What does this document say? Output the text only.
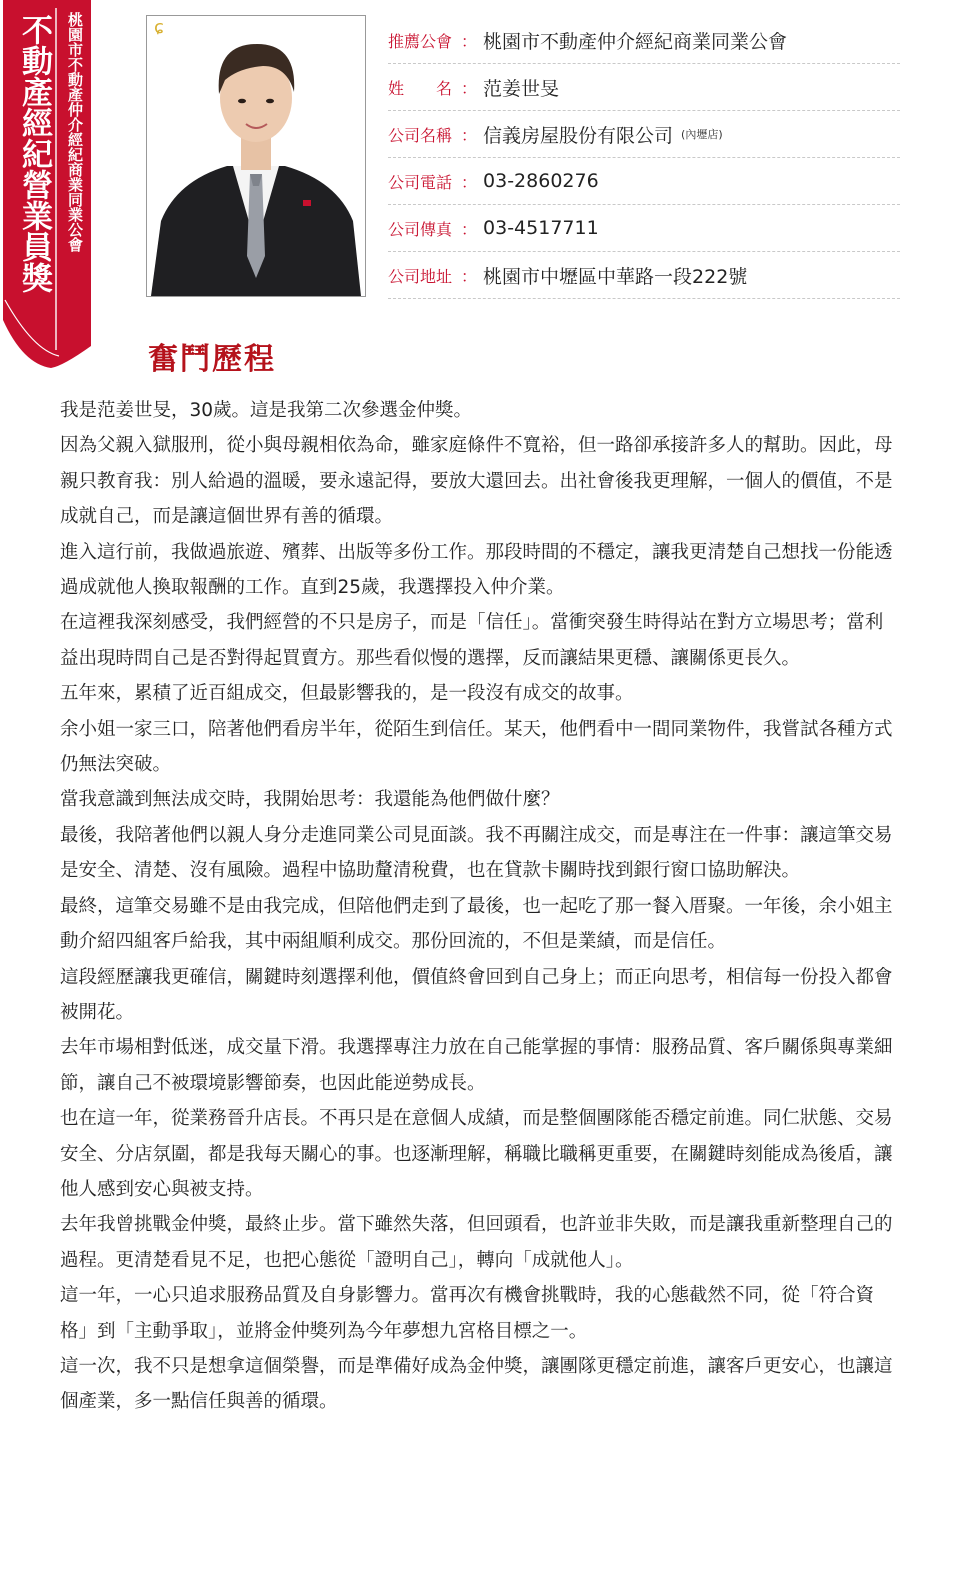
不動產經紀營業員獎 桃園市不動產仲介經紀商業同業公會	ɕ
推薦公會 ： 桃園市不動產仲介經紀商業同業公會
姓　　名 ： 范姜世旻
公司名稱 ： 信義房屋股份有限公司 (內壢店)
公司電話 ： 03-2860276
公司傳真 ： 03-4517711
公司地址 ： 桃園市中壢區中華路一段222號
奮鬥歷程

我是范姜世旻，30歲。這是我第二次參選金仲獎。

因為父親入獄服刑，從小與母親相依為命，雖家庭條件不寬裕，但一路卻承接許多人的幫助。因此，母親只教育我：別人給過的溫暖，要永遠記得，要放大還回去。出社會後我更理解，一個人的價值，不是成就自己，而是讓這個世界有善的循環。

進入這行前，我做過旅遊、殯葬、出版等多份工作。那段時間的不穩定，讓我更清楚自己想找一份能透過成就他人換取報酬的工作。直到25歲，我選擇投入仲介業。

在這裡我深刻感受，我們經營的不只是房子，而是「信任」。當衝突發生時得站在對方立場思考；當利益出現時問自己是否對得起買賣方。那些看似慢的選擇，反而讓結果更穩、讓關係更長久。

五年來，累積了近百組成交，但最影響我的，是一段沒有成交的故事。

余小姐一家三口，陪著他們看房半年，從陌生到信任。某天，他們看中一間同業物件，我嘗試各種方式仍無法突破。

當我意識到無法成交時，我開始思考：我還能為他們做什麼？

最後，我陪著他們以親人身分走進同業公司見面談。我不再關注成交，而是專注在一件事：讓這筆交易是安全、清楚、沒有風險。過程中協助釐清稅費，也在貸款卡關時找到銀行窗口協助解決。

最終，這筆交易雖不是由我完成，但陪他們走到了最後，也一起吃了那一餐入厝聚。一年後，余小姐主動介紹四組客戶給我，其中兩組順利成交。那份回流的，不但是業績，而是信任。

這段經歷讓我更確信，關鍵時刻選擇利他，價值終會回到自己身上；而正向思考，相信每一份投入都會被開花。

去年市場相對低迷，成交量下滑。我選擇專注力放在自己能掌握的事情：服務品質、客戶關係與專業細節，讓自己不被環境影響節奏，也因此能逆勢成長。

也在這一年，從業務晉升店長。不再只是在意個人成績，而是整個團隊能否穩定前進。同仁狀態、交易安全、分店氛圍，都是我每天關心的事。也逐漸理解，稱職比職稱更重要，在關鍵時刻能成為後盾，讓他人感到安心與被支持。

去年我曾挑戰金仲獎，最終止步。當下雖然失落，但回頭看，也許並非失敗，而是讓我重新整理自己的過程。更清楚看見不足，也把心態從「證明自己」，轉向「成就他人」。

這一年，一心只追求服務品質及自身影響力。當再次有機會挑戰時，我的心態截然不同，從「符合資格」到「主動爭取」，並將金仲獎列為今年夢想九宮格目標之一。

這一次，我不只是想拿這個榮譽，而是準備好成為金仲獎，讓團隊更穩定前進，讓客戶更安心，也讓這個產業，多一點信任與善的循環。
